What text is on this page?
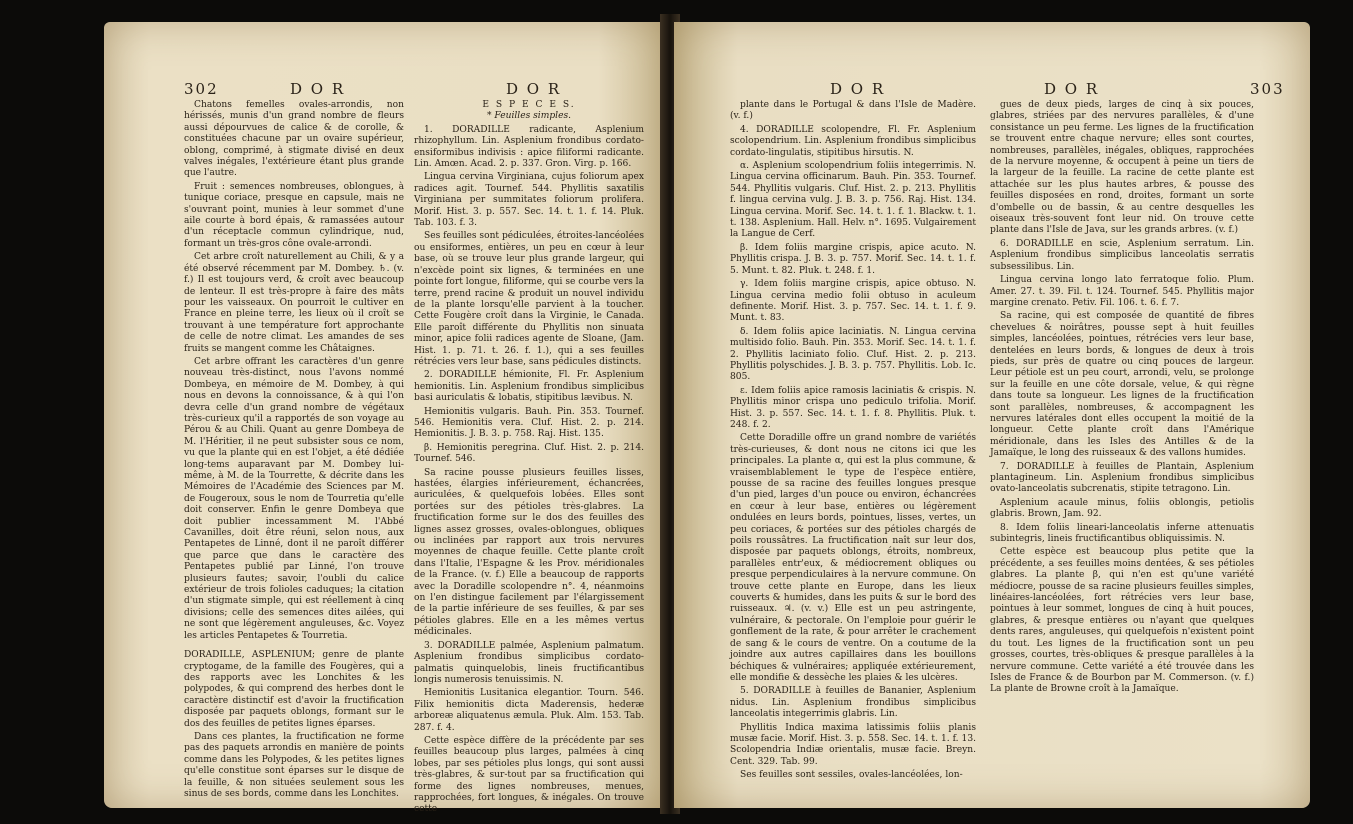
302	D O R	D O R

Chatons femelles ovales-arrondis, non hérissés, munis d'un grand nombre de fleurs aussi dépourvues de calice & de corolle, & constituées chacune par un ovaire supérieur, oblong, comprimé, à stigmate divisé en deux valves inégales, l'extérieure étant plus grande que l'autre.

Fruit : semences nombreuses, oblongues, à tunique coriace, presque en capsule, mais ne s'ouvrant point, munies à leur sommet d'une aile courte à bord épais, & ramassées autour d'un réceptacle commun cylindrique, nud, formant un très-gros cône ovale-arrondi.

Cet arbre croît naturellement au Chili, & y a été observé récemment par M. Dombey. ♄. (v. f.) Il est toujours verd, & croît avec beaucoup de lenteur. Il est très-propre à faire des mâts pour les vaisseaux. On pourroit le cultiver en France en pleine terre, les lieux où il croît se trouvant à une température fort approchante de celle de notre climat. Les amandes de ses fruits se mangent comme les Châtaignes.

Cet arbre offrant les caractères d'un genre nouveau très-distinct, nous l'avons nommé Dombeya, en mémoire de M. Dombey, à qui nous en devons la connoissance, & à qui l'on devra celle d'un grand nombre de végétaux très-curieux qu'il a rapportés de son voyage au Pérou & au Chili. Quant au genre Dombeya de M. l'Héritier, il ne peut subsister sous ce nom, vu que la plante qui en est l'objet, a été dédiée long-tems auparavant par M. Dombey lui-même, à M. de la Tourrette, & décrite dans les Mémoires de l'Académie des Sciences par M. de Fougeroux, sous le nom de Tourretia qu'elle doit conserver. Enfin le genre Dombeya que doit publier incessamment M. l'Abbé Cavanilles, doit être réuni, selon nous, aux Pentapetes de Linné, dont il ne paroît différer que parce que dans le caractère des Pentapetes publié par Linné, l'on trouve plusieurs fautes; savoir, l'oubli du calice extérieur de trois folioles caduques; la citation d'un stigmate simple, qui est réellement à cinq divisions; celle des semences dites ailées, qui ne sont que légèrement anguleuses, &c. Voyez les articles Pentapetes & Tourretia.

DORADILLE, ASPLENIUM; genre de plante cryptogame, de la famille des Fougères, qui a des rapports avec les Lonchites & les polypodes, & qui comprend des herbes dont le caractère distinctif est d'avoir la fructification disposée par paquets oblongs, formant sur le dos des feuilles de petites lignes éparses.

Dans ces plantes, la fructification ne forme pas des paquets arrondis en manière de points comme dans les Polypodes, & les petites lignes qu'elle constitue sont éparses sur le disque de la feuille, & non situées seulement sous les sinus de ses bords, comme dans les Lonchites.

E S P E C E S.

* Feuilles simples.

1. DORADILLE radicante, Asplenium rhizophyllum. Lin. Asplenium frondibus cordato-ensiformibus indivisis : apice filiformi radicante. Lin. Amœn. Acad. 2. p. 337. Gron. Virg. p. 166.

Lingua cervina Virginiana, cujus foliorum apex radices agit. Tournef. 544. Phyllitis saxatilis Virginiana per summitates foliorum prolifera. Morif. Hist. 3. p. 557. Sec. 14. t. 1. f. 14. Pluk. Tab. 103. f. 3.

Ses feuilles sont pédiculées, étroites-lancéolées ou ensiformes, entières, un peu en cœur à leur base, où se trouve leur plus grande largeur, qui n'excède point six lignes, & terminées en une pointe fort longue, filiforme, qui se courbe vers la terre, prend racine & produit un nouvel individu de la plante lorsqu'elle parvient à la toucher. Cette Fougère croît dans la Virginie, le Canada. Elle paroît différente du Phyllitis non sinuata minor, apice folii radices agente de Sloane, (Jam. Hist. 1. p. 71. t. 26. f. 1.), qui a ses feuilles rétrécies vers leur base, sans pédicules distincts.

2. DORADILLE hémionite, Fl. Fr. Asplenium hemionitis. Lin. Asplenium frondibus simplicibus basi auriculatis & lobatis, stipitibus lævibus. N.

Hemionitis vulgaris. Bauh. Pin. 353. Tournef. 546. Hemionitis vera. Cluf. Hist. 2. p. 214. Hemionitis. J. B. 3. p. 758. Raj. Hist. 135.

β. Hemionitis peregrina. Cluf. Hist. 2. p. 214. Tournef. 546.

Sa racine pousse plusieurs feuilles lisses, hastées, élargies inférieurement, échancrées, auriculées, & quelquefois lobées. Elles sont portées sur des pétioles très-glabres. La fructification forme sur le dos des feuilles des lignes assez grosses, ovales-oblongues, obliques ou inclinées par rapport aux trois nervures moyennes de chaque feuille. Cette plante croît dans l'Italie, l'Espagne & les Prov. méridionales de la France. (v. f.) Elle a beaucoup de rapports avec la Doradille scolopendre n°. 4, néanmoins on l'en distingue facilement par l'élargissement de la partie inférieure de ses feuilles, & par ses pétioles glabres. Elle en a les mêmes vertus médicinales.

3. DORADILLE palmée, Asplenium palmatum. Asplenium frondibus simplicibus cordato-palmatis quinquelobis, lineis fructificantibus longis numerosis tenuissimis. N.

Hemionitis Lusitanica elegantior. Tourn. 546. Filix hemionitis dicta Maderensis, hederæ arboreæ aliquatenus æmula. Pluk. Alm. 153. Tab. 287. f. 4.

Cette espèce diffère de la précédente par ses feuilles beaucoup plus larges, palmées à cinq lobes, par ses pétioles plus longs, qui sont aussi très-glabres, & sur-tout par sa fructification qui forme des lignes nombreuses, menues, rapprochées, fort longues, & inégales. On trouve cette

D O R	D O R	303

plante dans le Portugal & dans l'Isle de Madère. (v. f.)

4. DORADILLE scolopendre, Fl. Fr. Asplenium scolopendrium. Lin. Asplenium frondibus simplicibus cordato-lingulatis, stipitibus hirsutis. N.

α. Asplenium scolopendrium foliis integerrimis. N. Lingua cervina officinarum. Bauh. Pin. 353. Tournef. 544. Phyllitis vulgaris. Cluf. Hist. 2. p. 213. Phyllitis f. lingua cervina vulg. J. B. 3. p. 756. Raj. Hist. 134. Lingua cervina. Morif. Sec. 14. t. 1. f. 1. Blackw. t. 1. t. 138. Asplenium. Hall. Helv. n°. 1695. Vulgairement la Langue de Cerf.

β. Idem foliis margine crispis, apice acuto. N. Phyllitis crispa. J. B. 3. p. 757. Morif. Sec. 14. t. 1. f. 5. Munt. t. 82. Pluk. t. 248. f. 1.

γ. Idem foliis margine crispis, apice obtuso. N. Lingua cervina medio folii obtuso in aculeum definente. Morif. Hist. 3. p. 757. Sec. 14. t. 1. f. 9. Munt. t. 83.

δ. Idem foliis apice laciniatis. N. Lingua cervina multisido folio. Bauh. Pin. 353. Morif. Sec. 14. t. 1. f. 2. Phyllitis laciniato folio. Cluf. Hist. 2. p. 213. Phyllitis polyschides. J. B. 3. p. 757. Phyllitis. Lob. Ic. 805.

ε. Idem foliis apice ramosis laciniatis & crispis. N. Phyllitis minor crispa uno pediculo trifolia. Morif. Hist. 3. p. 557. Sec. 14. t. 1. f. 8. Phyllitis. Pluk. t. 248. f. 2.

Cette Doradille offre un grand nombre de variétés très-curieuses, & dont nous ne citons ici que les principales. La plante α, qui est la plus commune, & vraisemblablement le type de l'espèce entière, pousse de sa racine des feuilles longues presque d'un pied, larges d'un pouce ou environ, échancrées en cœur à leur base, entières ou légèrement ondulées en leurs bords, pointues, lisses, vertes, un peu coriaces, & portées sur des pétioles chargés de poils roussâtres. La fructification naît sur leur dos, disposée par paquets oblongs, étroits, nombreux, parallèles entr'eux, & médiocrement obliques ou presque perpendiculaires à la nervure commune. On trouve cette plante en Europe, dans les lieux couverts & humides, dans les puits & sur le bord des ruisseaux. ♃. (v. v.) Elle est un peu astringente, vulnéraire, & pectorale. On l'emploie pour guérir le gonflement de la rate, & pour arrêter le crachement de sang & le cours de ventre. On a coutume de la joindre aux autres capillaires dans les bouillons béchiques & vulnéraires; appliquée extérieurement, elle mondifie & dessèche les plaies & les ulcères.

5. DORADILLE à feuilles de Bananier, Asplenium nidus. Lin. Asplenium frondibus simplicibus lanceolatis integerrimis glabris. Lin.

Phyllitis Indica maxima latissimis foliis planis musæ facie. Morif. Hist. 3. p. 558. Sec. 14. t. 1. f. 13. Scolopendria Indiæ orientalis, musæ facie. Breyn. Cent. 329. Tab. 99.

Ses feuilles sont sessiles, ovales-lancéolées, lon-

gues de deux pieds, larges de cinq à six pouces, glabres, striées par des nervures parallèles, & d'une consistance un peu ferme. Les lignes de la fructification se trouvent entre chaque nervure; elles sont courtes, nombreuses, parallèles, inégales, obliques, rapprochées de la nervure moyenne, & occupent à peine un tiers de la largeur de la feuille. La racine de cette plante est attachée sur les plus hautes arbres, & pousse des feuilles disposées en rond, droites, formant un sorte d'ombelle ou de bassin, & au centre desquelles les oiseaux très-souvent font leur nid. On trouve cette plante dans l'Isle de Java, sur les grands arbres. (v. f.)

6. DORADILLE en scie, Asplenium serratum. Lin. Asplenium frondibus simplicibus lanceolatis serratis subsessilibus. Lin.

Lingua cervina longo lato ferratoque folio. Plum. Amer. 27. t. 39. Fil. t. 124. Tournef. 545. Phyllitis major margine crenato. Petiv. Fil. 106. t. 6. f. 7.

Sa racine, qui est composée de quantité de fibres chevelues & noirâtres, pousse sept à huit feuilles simples, lancéolées, pointues, rétrécies vers leur base, dentelées en leurs bords, & longues de deux à trois pieds, sur près de quatre ou cinq pouces de largeur. Leur pétiole est un peu court, arrondi, velu, se prolonge sur la feuille en une côte dorsale, velue, & qui règne dans toute sa longueur. Les lignes de la fructification sont parallèles, nombreuses, & accompagnent les nervures latérales dont elles occupent la moitié de la longueur. Cette plante croît dans l'Amérique méridionale, dans les Isles des Antilles & de la Jamaïque, le long des ruisseaux & des vallons humides.

7. DORADILLE à feuilles de Plantain, Asplenium plantagineum. Lin. Asplenium frondibus simplicibus ovato-lanceolatis subcrenatis, stipite tetragono. Lin.

Asplenium acaule minus, foliis oblongis, petiolis glabris. Brown, Jam. 92.

8. Idem foliis lineari-lanceolatis inferne attenuatis subintegris, lineis fructificantibus obliquissimis. N.

Cette espèce est beaucoup plus petite que la précédente, a ses feuilles moins dentées, & ses pétioles glabres. La plante β, qui n'en est qu'une variété médiocre, pousse de sa racine plusieurs feuilles simples, linéaires-lancéolées, fort rétrécies vers leur base, pointues à leur sommet, longues de cinq à huit pouces, glabres, & presque entières ou n'ayant que quelques dents rares, anguleuses, qui quelquefois n'existent point du tout. Les lignes de la fructification sont un peu grosses, courtes, très-obliques & presque parallèles à la nervure commune. Cette variété a été trouvée dans les Isles de France & de Bourbon par M. Commerson. (v. f.) La plante de Browne croît à la Jamaïque.
